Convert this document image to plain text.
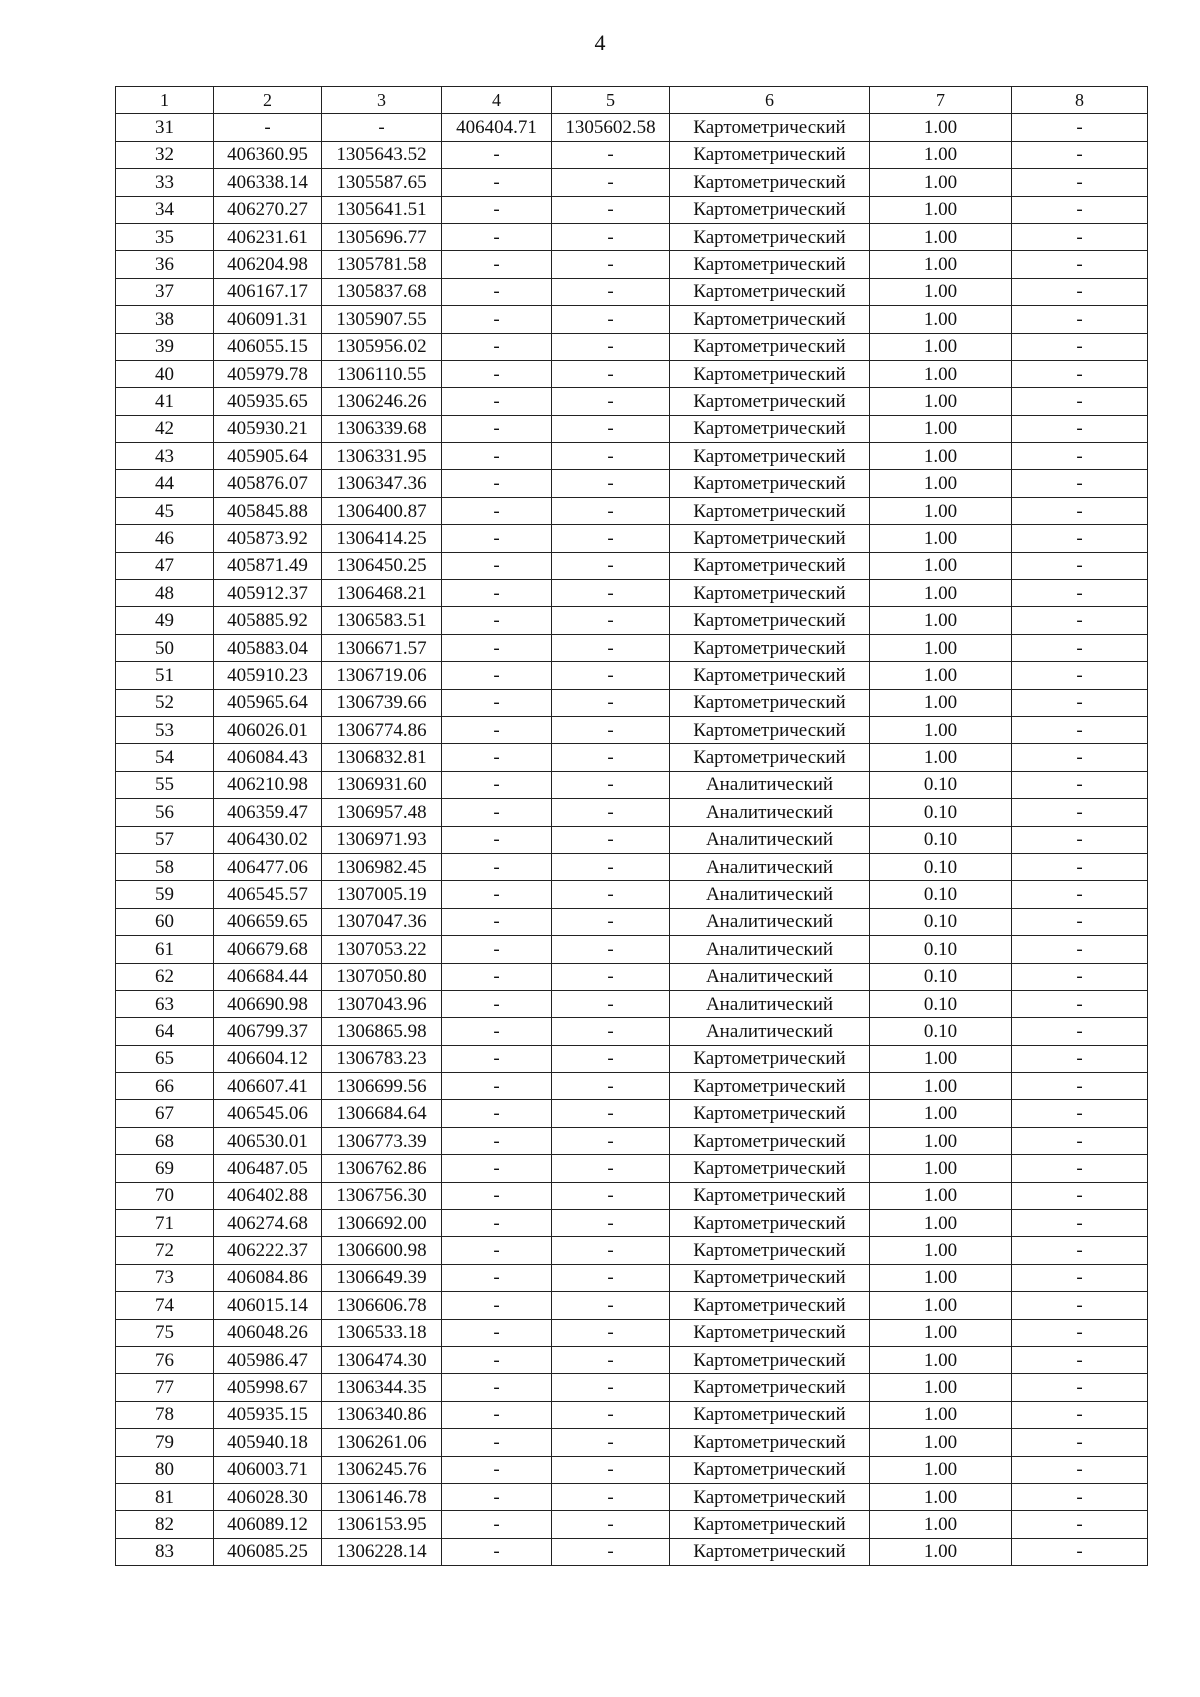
4
1	2	3	4	5	6	7	8
31	-	-	406404.71	1305602.58	Картометрический	1.00	-
32	406360.95	1305643.52	-	-	Картометрический	1.00	-
33	406338.14	1305587.65	-	-	Картометрический	1.00	-
34	406270.27	1305641.51	-	-	Картометрический	1.00	-
35	406231.61	1305696.77	-	-	Картометрический	1.00	-
36	406204.98	1305781.58	-	-	Картометрический	1.00	-
37	406167.17	1305837.68	-	-	Картометрический	1.00	-
38	406091.31	1305907.55	-	-	Картометрический	1.00	-
39	406055.15	1305956.02	-	-	Картометрический	1.00	-
40	405979.78	1306110.55	-	-	Картометрический	1.00	-
41	405935.65	1306246.26	-	-	Картометрический	1.00	-
42	405930.21	1306339.68	-	-	Картометрический	1.00	-
43	405905.64	1306331.95	-	-	Картометрический	1.00	-
44	405876.07	1306347.36	-	-	Картометрический	1.00	-
45	405845.88	1306400.87	-	-	Картометрический	1.00	-
46	405873.92	1306414.25	-	-	Картометрический	1.00	-
47	405871.49	1306450.25	-	-	Картометрический	1.00	-
48	405912.37	1306468.21	-	-	Картометрический	1.00	-
49	405885.92	1306583.51	-	-	Картометрический	1.00	-
50	405883.04	1306671.57	-	-	Картометрический	1.00	-
51	405910.23	1306719.06	-	-	Картометрический	1.00	-
52	405965.64	1306739.66	-	-	Картометрический	1.00	-
53	406026.01	1306774.86	-	-	Картометрический	1.00	-
54	406084.43	1306832.81	-	-	Картометрический	1.00	-
55	406210.98	1306931.60	-	-	Аналитический	0.10	-
56	406359.47	1306957.48	-	-	Аналитический	0.10	-
57	406430.02	1306971.93	-	-	Аналитический	0.10	-
58	406477.06	1306982.45	-	-	Аналитический	0.10	-
59	406545.57	1307005.19	-	-	Аналитический	0.10	-
60	406659.65	1307047.36	-	-	Аналитический	0.10	-
61	406679.68	1307053.22	-	-	Аналитический	0.10	-
62	406684.44	1307050.80	-	-	Аналитический	0.10	-
63	406690.98	1307043.96	-	-	Аналитический	0.10	-
64	406799.37	1306865.98	-	-	Аналитический	0.10	-
65	406604.12	1306783.23	-	-	Картометрический	1.00	-
66	406607.41	1306699.56	-	-	Картометрический	1.00	-
67	406545.06	1306684.64	-	-	Картометрический	1.00	-
68	406530.01	1306773.39	-	-	Картометрический	1.00	-
69	406487.05	1306762.86	-	-	Картометрический	1.00	-
70	406402.88	1306756.30	-	-	Картометрический	1.00	-
71	406274.68	1306692.00	-	-	Картометрический	1.00	-
72	406222.37	1306600.98	-	-	Картометрический	1.00	-
73	406084.86	1306649.39	-	-	Картометрический	1.00	-
74	406015.14	1306606.78	-	-	Картометрический	1.00	-
75	406048.26	1306533.18	-	-	Картометрический	1.00	-
76	405986.47	1306474.30	-	-	Картометрический	1.00	-
77	405998.67	1306344.35	-	-	Картометрический	1.00	-
78	405935.15	1306340.86	-	-	Картометрический	1.00	-
79	405940.18	1306261.06	-	-	Картометрический	1.00	-
80	406003.71	1306245.76	-	-	Картометрический	1.00	-
81	406028.30	1306146.78	-	-	Картометрический	1.00	-
82	406089.12	1306153.95	-	-	Картометрический	1.00	-
83	406085.25	1306228.14	-	-	Картометрический	1.00	-
